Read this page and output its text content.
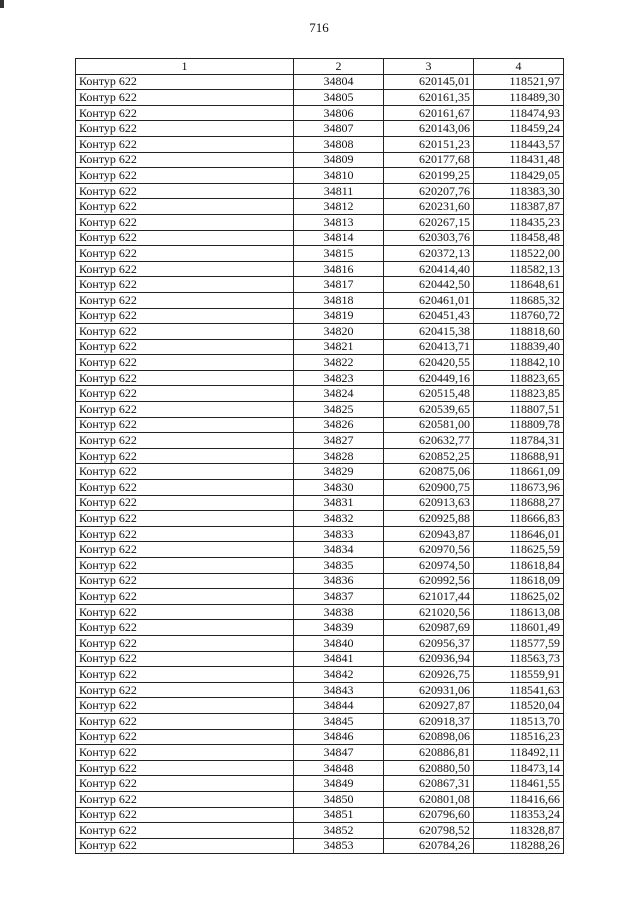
716
1	2	3	4
Контур 622	34804	620145,01	118521,97
Контур 622	34805	620161,35	118489,30
Контур 622	34806	620161,67	118474,93
Контур 622	34807	620143,06	118459,24
Контур 622	34808	620151,23	118443,57
Контур 622	34809	620177,68	118431,48
Контур 622	34810	620199,25	118429,05
Контур 622	34811	620207,76	118383,30
Контур 622	34812	620231,60	118387,87
Контур 622	34813	620267,15	118435,23
Контур 622	34814	620303,76	118458,48
Контур 622	34815	620372,13	118522,00
Контур 622	34816	620414,40	118582,13
Контур 622	34817	620442,50	118648,61
Контур 622	34818	620461,01	118685,32
Контур 622	34819	620451,43	118760,72
Контур 622	34820	620415,38	118818,60
Контур 622	34821	620413,71	118839,40
Контур 622	34822	620420,55	118842,10
Контур 622	34823	620449,16	118823,65
Контур 622	34824	620515,48	118823,85
Контур 622	34825	620539,65	118807,51
Контур 622	34826	620581,00	118809,78
Контур 622	34827	620632,77	118784,31
Контур 622	34828	620852,25	118688,91
Контур 622	34829	620875,06	118661,09
Контур 622	34830	620900,75	118673,96
Контур 622	34831	620913,63	118688,27
Контур 622	34832	620925,88	118666,83
Контур 622	34833	620943,87	118646,01
Контур 622	34834	620970,56	118625,59
Контур 622	34835	620974,50	118618,84
Контур 622	34836	620992,56	118618,09
Контур 622	34837	621017,44	118625,02
Контур 622	34838	621020,56	118613,08
Контур 622	34839	620987,69	118601,49
Контур 622	34840	620956,37	118577,59
Контур 622	34841	620936,94	118563,73
Контур 622	34842	620926,75	118559,91
Контур 622	34843	620931,06	118541,63
Контур 622	34844	620927,87	118520,04
Контур 622	34845	620918,37	118513,70
Контур 622	34846	620898,06	118516,23
Контур 622	34847	620886,81	118492,11
Контур 622	34848	620880,50	118473,14
Контур 622	34849	620867,31	118461,55
Контур 622	34850	620801,08	118416,66
Контур 622	34851	620796,60	118353,24
Контур 622	34852	620798,52	118328,87
Контур 622	34853	620784,26	118288,26
